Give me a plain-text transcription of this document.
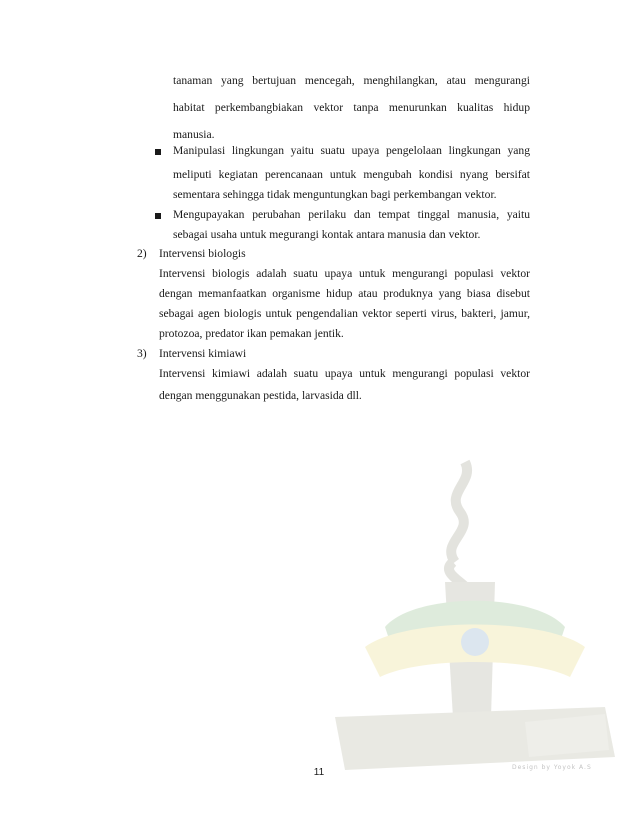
Design by Yoyok A.S
tanaman yang bertujuan mencegah, menghilangkan, atau mengurangi
habitat perkembangbiakan vektor tanpa menurunkan kualitas hidup
manusia.
Manipulasi lingkungan yaitu suatu upaya pengelolaan lingkungan yang
meliputi kegiatan perencanaan untuk mengubah kondisi nyang bersifat
sementara sehingga tidak menguntungkan bagi perkembangan vektor.
Mengupayakan perubahan perilaku dan tempat tinggal manusia, yaitu
sebagai usaha untuk megurangi kontak antara manusia dan vektor.
2) Intervensi biologis
Intervensi biologis adalah suatu upaya untuk mengurangi populasi vektor
dengan memanfaatkan organisme hidup atau produknya yang biasa disebut
sebagai agen biologis untuk pengendalian vektor seperti virus, bakteri, jamur,
protozoa, predator ikan pemakan jentik.
3) Intervensi kimiawi
Intervensi kimiawi adalah suatu upaya untuk mengurangi populasi vektor
dengan menggunakan pestida, larvasida dll.
11
